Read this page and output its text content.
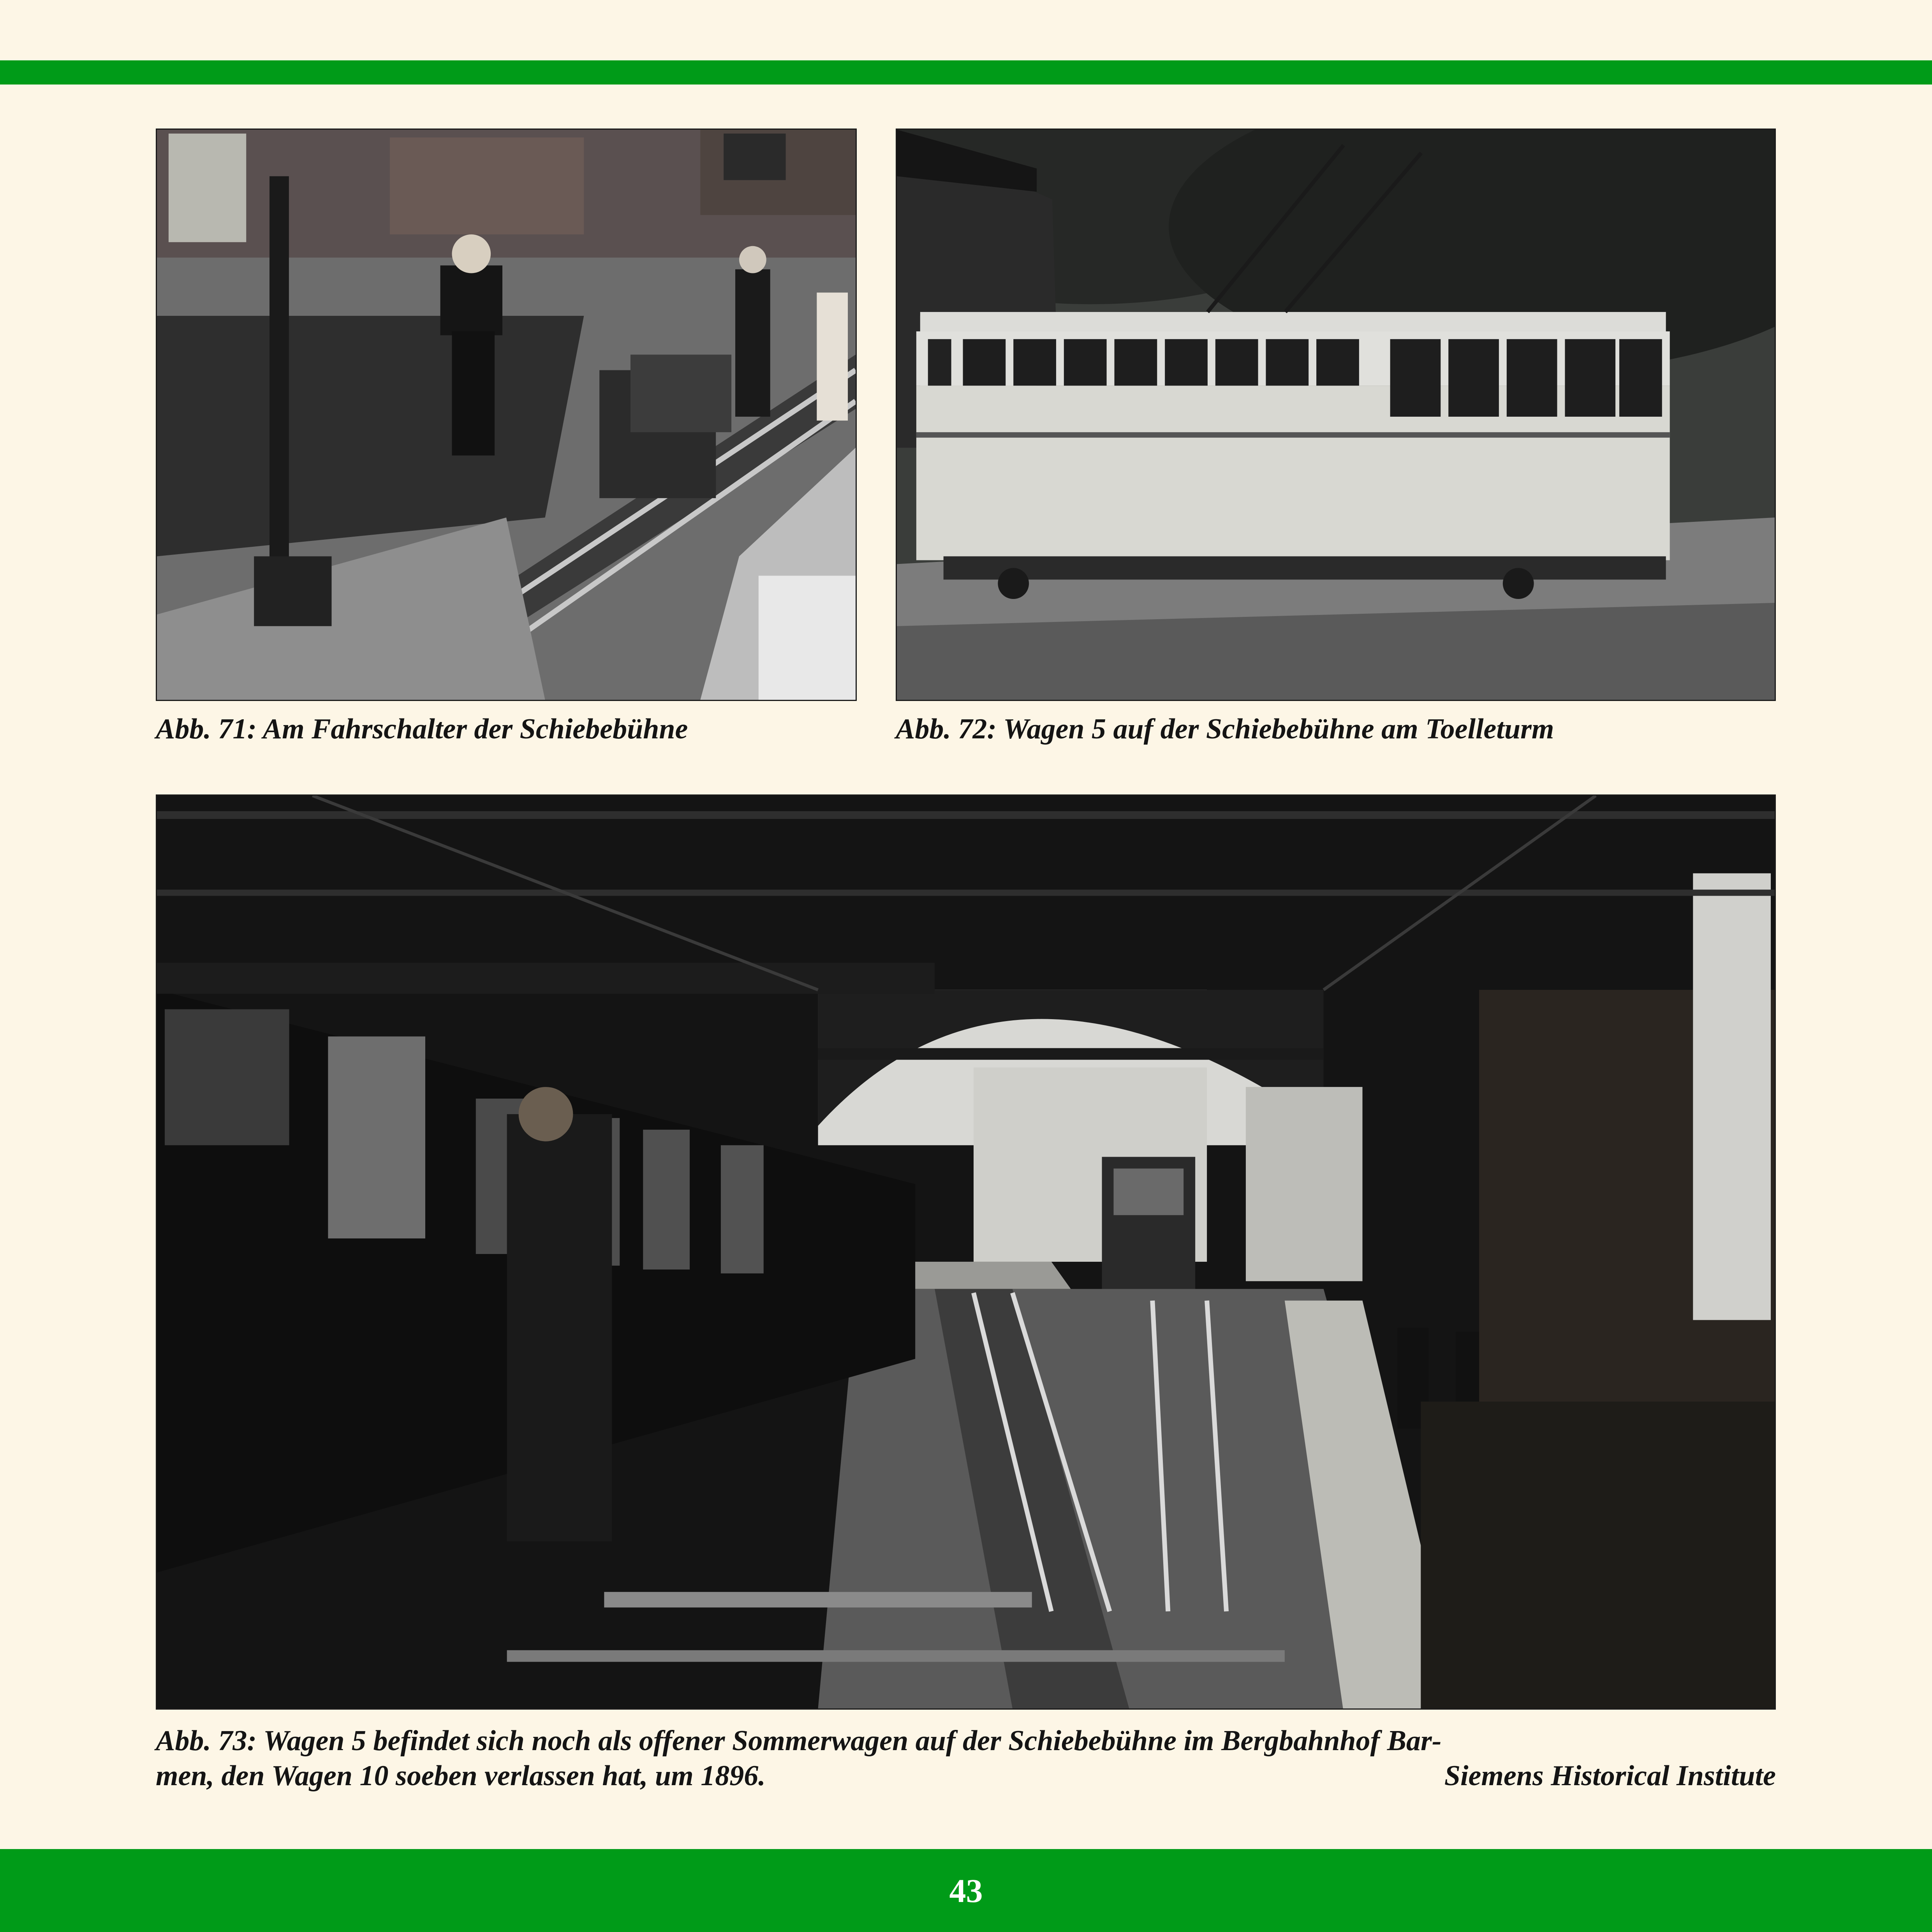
Abb. 71: Am Fahrschalter der Schiebebühne	Abb. 72: Wagen 5 auf der Schiebebühne am Toelleturm
Abb. 73: Wagen 5 befindet sich noch als offener Sommerwagen auf der Schiebebühne im Bergbahnhof Bar-
men, den Wagen 10 soeben verlassen hat, um 1896.	Siemens Historical Institute
43
